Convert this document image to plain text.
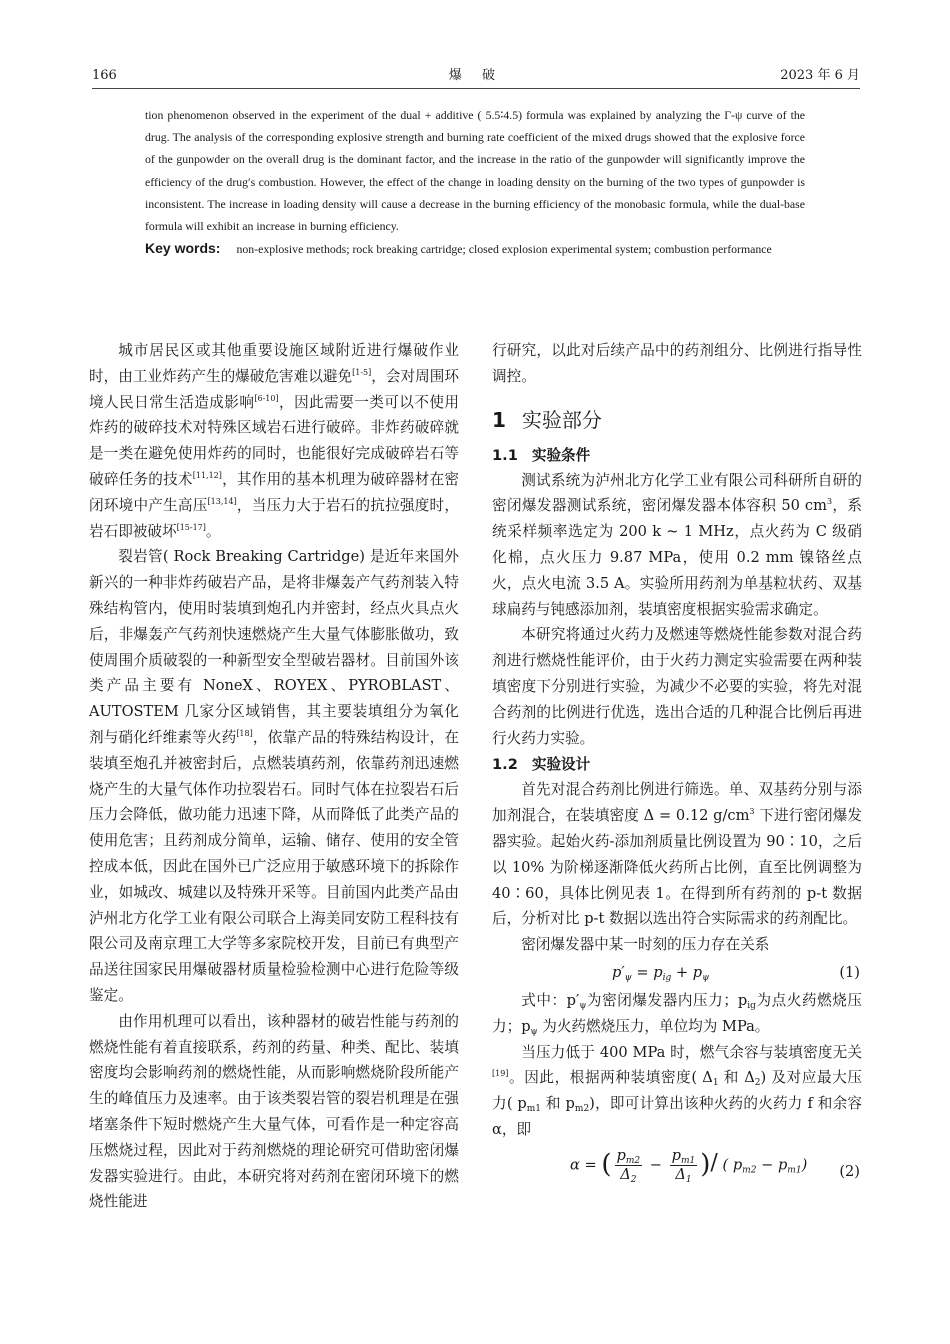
166	爆 破	2023 年 6 月

tion phenomenon observed in the experiment of the dual + additive ( 5.5∶4.5) formula was explained by analyzing the Γ-ψ curve of the drug. The analysis of the corresponding explosive strength and burning rate coefficient of the mixed drugs showed that the explosive force of the gunpowder on the overall drug is the dominant factor, and the increase in the ratio of the gunpowder will significantly improve the efficiency of the drug′s combustion. However, the effect of the change in loading density on the burning of the two types of gunpowder is inconsistent. The increase in loading density will cause a decrease in the burning efficiency of the monobasic formula, while the dual-base formula will exhibit an increase in burning efficiency.

Key words: non-explosive methods; rock breaking cartridge; closed explosion experimental system; combustion performance

城市居民区或其他重要设施区域附近进行爆破作业时，由工业炸药产生的爆破危害难以避免[1-5]，会对周围环境人民日常生活造成影响[6-10]，因此需要一类可以不使用炸药的破碎技术对特殊区域岩石进行破碎。非炸药破碎就是一类在避免使用炸药的同时，也能很好完成破碎岩石等破碎任务的技术[11,12]，其作用的基本机理为破碎器材在密闭环境中产生高压[13,14]，当压力大于岩石的抗拉强度时，岩石即被破坏[15-17]。

裂岩管( Rock Breaking Cartridge) 是近年来国外新兴的一种非炸药破岩产品，是将非爆轰产气药剂装入特殊结构管内，使用时装填到炮孔内并密封，经点火具点火后，非爆轰产气药剂快速燃烧产生大量气体膨胀做功，致使周围介质破裂的一种新型安全型破岩器材。目前国外该类产品主要有 NoneX、ROYEX、PYROBLAST、AUTOSTEM 几家分区域销售，其主要装填组分为氧化剂与硝化纤维素等火药[18]，依靠产品的特殊结构设计，在装填至炮孔并被密封后，点燃装填药剂，依靠药剂迅速燃烧产生的大量气体作功拉裂岩石。同时气体在拉裂岩石后压力会降低，做功能力迅速下降，从而降低了此类产品的使用危害；且药剂成分简单，运输、储存、使用的安全管控成本低，因此在国外已广泛应用于敏感环境下的拆除作业，如城改、城建以及特殊开采等。目前国内此类产品由泸州北方化学工业有限公司联合上海美同安防工程科技有限公司及南京理工大学等多家院校开发，目前已有典型产品送往国家民用爆破器材质量检验检测中心进行危险等级鉴定。

由作用机理可以看出，该种器材的破岩性能与药剂的燃烧性能有着直接联系，药剂的药量、种类、配比、装填密度均会影响药剂的燃烧性能，从而影响燃烧阶段所能产生的峰值压力及速率。由于该类裂岩管的裂岩机理是在强堵塞条件下短时燃烧产生大量气体，可看作是一种定容高压燃烧过程，因此对于药剂燃烧的理论研究可借助密闭爆发器实验进行。由此，本研究将对药剂在密闭环境下的燃烧性能进

行研究，以此对后续产品中的药剂组分、比例进行指导性调控。

1 实验部分
1.1 实验条件

测试系统为泸州北方化学工业有限公司科研所自研的密闭爆发器测试系统，密闭爆发器本体容积 50 $cm^3$，系统采样频率选定为 200 k ~ 1 MHz，点火药为 C 级硝化棉，点火压力 9.87 MPa，使用 0.2 mm 镍铬丝点火，点火电流 3.5 A。实验所用药剂为单基粒状药、双基球扁药与钝感添加剂，装填密度根据实验需求确定。

本研究将通过火药力及燃速等燃烧性能参数对混合药剂进行燃烧性能评价，由于火药力测定实验需要在两种装填密度下分别进行实验，为减少不必要的实验，将先对混合药剂的比例进行优选，选出合适的几种混合比例后再进行火药力实验。

1.2 实验设计

首先对混合药剂比例进行筛选。单、双基药分别与添加剂混合，在装填密度 Δ = 0.12 $g/cm^3$ 下进行密闭爆发器实验。起始火药-添加剂质量比例设置为 90∶10，之后以 10% 为阶梯逐渐降低火药所占比例，直至比例调整为 40∶60，具体比例见表 1。在得到所有药剂的 p-t 数据后，分析对比 p-t 数据以选出符合实际需求的药剂配比。

密闭爆发器中某一时刻的压力存在关系

$p'_\psi = p_{ig} + p_\psi$	(1)

式中：$p'_\psi$为密闭爆发器内压力；$p_{ig}$为点火药燃烧压力；$p_\psi$ 为火药燃烧压力，单位均为 MPa。

当压力低于 400 MPa 时，燃气余容与装填密度无关[19]。因此，根据两种装填密度( $\Delta_1$ 和 $\Delta_2$) 及对应最大压力( $p_{m1}$ 和 $p_{m2}$)，即可计算出该种火药的火药力 f 和余容 α，即

α = ( $\frac{p_{m2}}{\Delta_2} - \frac{p_{m1}}{\Delta_1}$ )/ ( $p_{m2} - p_{m1}$) (2)
